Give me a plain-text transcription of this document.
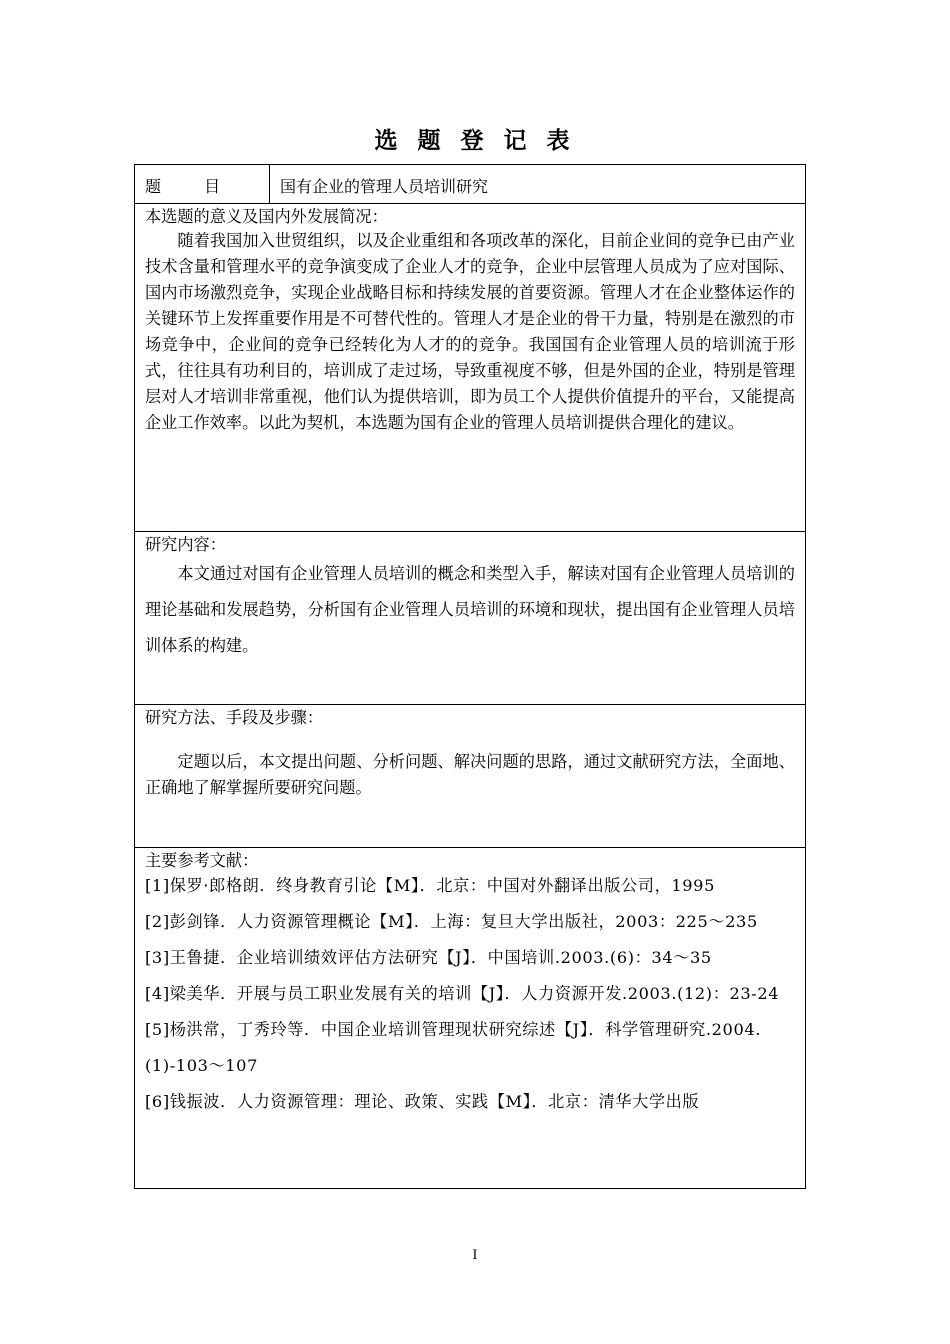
选 题 登 记 表
题 目	国有企业的管理人员培训研究

本选题的意义及国内外发展简况：

随着我国加入世贸组织，以及企业重组和各项改革的深化，目前企业间的竞争已由产业技术含量和管理水平的竞争演变成了企业人才的竞争，企业中层管理人员成为了应对国际、国内市场激烈竞争，实现企业战略目标和持续发展的首要资源。管理人才在企业整体运作的关键环节上发挥重要作用是不可替代性的。管理人才是企业的骨干力量，特别是在激烈的市场竞争中，企业间的竞争已经转化为人才的的竞争。我国国有企业管理人员的培训流于形式，往往具有功利目的，培训成了走过场，导致重视度不够，但是外国的企业，特别是管理层对人才培训非常重视，他们认为提供培训，即为员工个人提供价值提升的平台，又能提高企业工作效率。以此为契机，本选题为国有企业的管理人员培训提供合理化的建议。

研究内容：

本文通过对国有企业管理人员培训的概念和类型入手，解读对国有企业管理人员培训的理论基础和发展趋势，分析国有企业管理人员培训的环境和现状，提出国有企业管理人员培训体系的构建。

研究方法、手段及步骤：

定题以后，本文提出问题、分析问题、解决问题的思路，通过文献研究方法，全面地、正确地了解掌握所要研究问题。

主要参考文献：
[1]保罗·郎格朗．终身教育引论【M】．北京：中国对外翻译出版公司，1995
[2]彭剑锋．人力资源管理概论【M】．上海：复旦大学出版社，2003：225～235
[3]王鲁捷．企业培训绩效评估方法研究【J】．中国培训.2003.(6)：34～35
[4]梁美华．开展与员工职业发展有关的培训【J】．人力资源开发.2003.(12)：23-24
[5]杨洪常，丁秀玲等．中国企业培训管理现状研究综述【J】．科学管理研究.2004.(1)-103～107
[6]钱振波．人力资源管理：理论、政策、实践【M】．北京：清华大学出版
I
